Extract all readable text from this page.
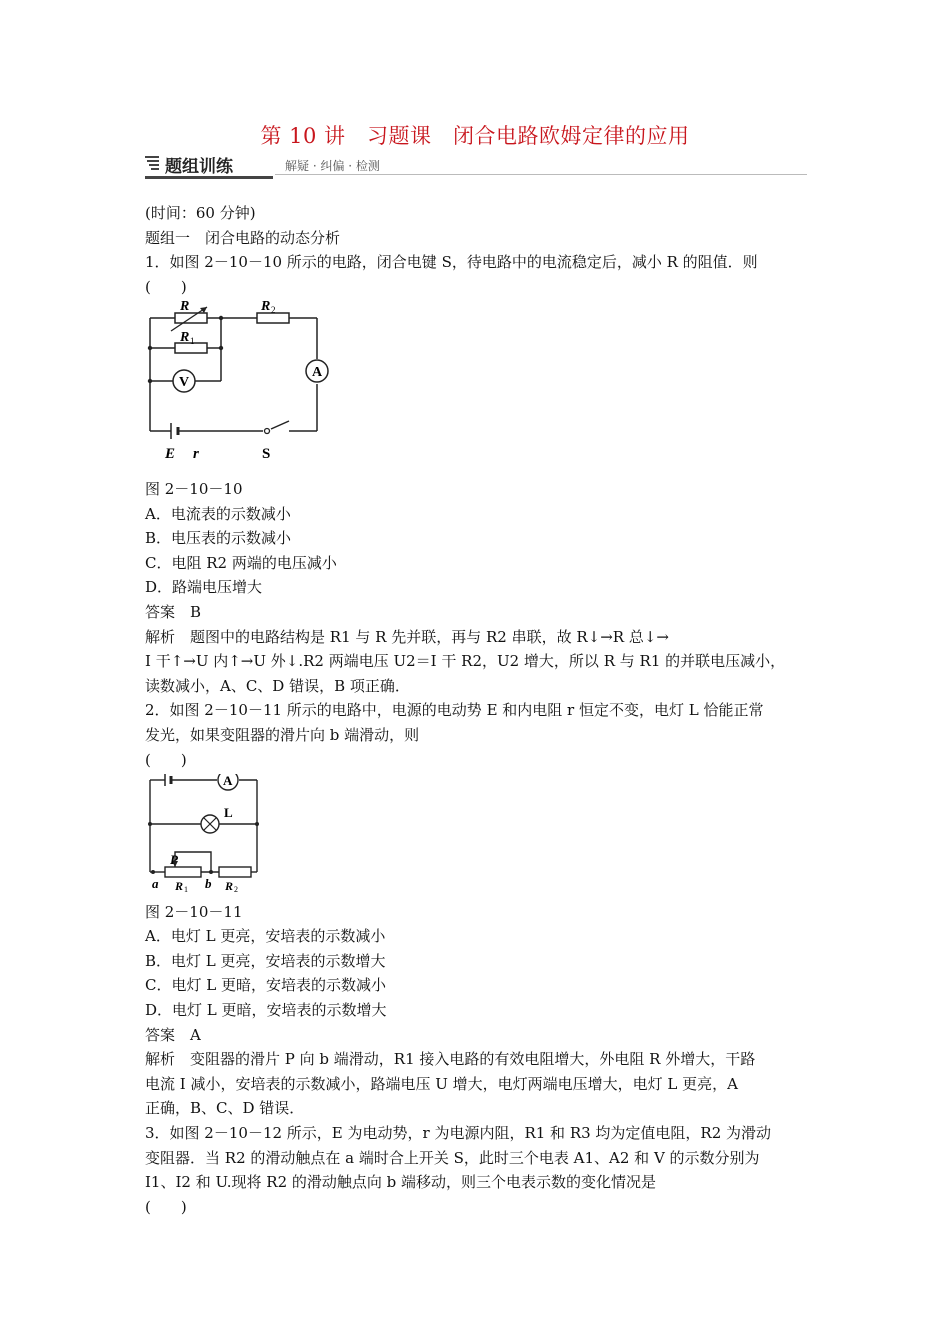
第 10 讲　习题课　闭合电路欧姆定律的应用
题组训练	解疑 · 纠偏 · 检测

(时间：60 分钟)

题组一　闭合电路的动态分析

1．如图 2－10－10 所示的电路，闭合电键 S，待电路中的电流稳定后，减小 R 的阻值．则

(　　)

R
R 1
R 2
V
A
E r	S

图 2－10－10

A．电流表的示数减小

B．电压表的示数减小

C．电阻 R2 两端的电压减小

D．路端电压增大

答案　B

解析　题图中的电路结构是 R1 与 R 先并联，再与 R2 串联，故 R↓→R 总↓→

I 干↑→U 内↑→U 外↓.R2 两端电压 U2＝I 干 R2，U2 增大，所以 R 与 R1 的并联电压减小，

读数减小，A、C、D 错误，B 项正确．

2．如图 2－10－11 所示的电路中，电源的电动势 E 和内电阻 r 恒定不变，电灯 L 恰能正常

发光，如果变阻器的滑片向 b 端滑动，则

(　　)

A
L
P
a	b
R 1	R 2

图 2－10－11

A．电灯 L 更亮，安培表的示数减小

B．电灯 L 更亮，安培表的示数增大

C．电灯 L 更暗，安培表的示数减小

D．电灯 L 更暗，安培表的示数增大

答案　A

解析　变阻器的滑片 P 向 b 端滑动，R1 接入电路的有效电阻增大，外电阻 R 外增大，干路

电流 I 减小，安培表的示数减小，路端电压 U 增大，电灯两端电压增大，电灯 L 更亮，A

正确，B、C、D 错误．

3．如图 2－10－12 所示，E 为电动势，r 为电源内阻，R1 和 R3 均为定值电阻，R2 为滑动

变阻器．当 R2 的滑动触点在 a 端时合上开关 S，此时三个电表 A1、A2 和 V 的示数分别为

I1、I2 和 U.现将 R2 的滑动触点向 b 端移动，则三个电表示数的变化情况是

(　　)
